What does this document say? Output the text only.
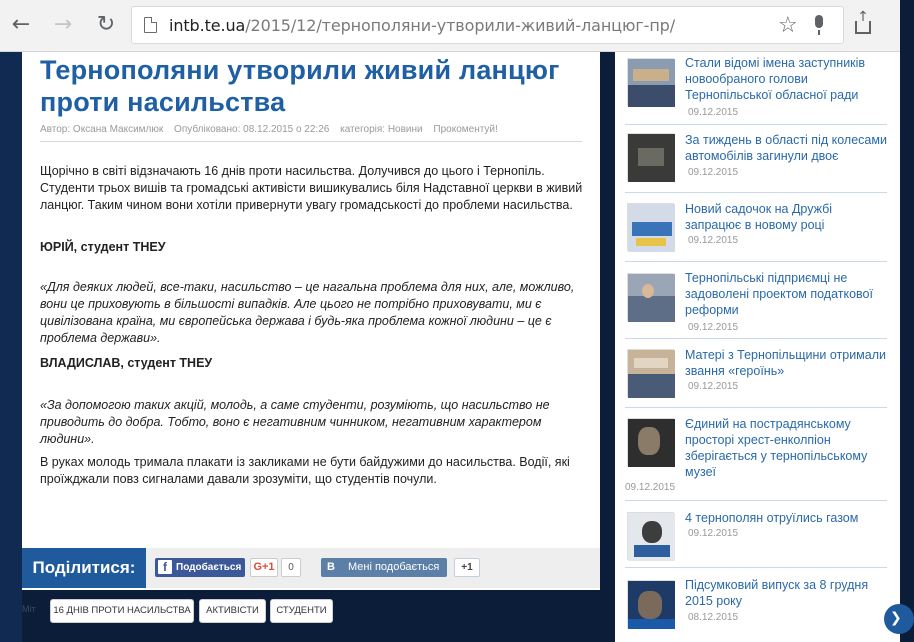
← → ↻	intb.te.ua/2015/12/тернополяни-утворили-живий-ланцюг-пр/	☆	↑
Тернополяни утворили живий ланцюг проти насильства
Автор: Оксана Максимлюк Опубліковано: 08.12.2015 о 22:26 категорія: Новини Прокоментуй!

Щорічно в світі відзначають 16 днів проти насильства. Долучився до цього і Тернопіль. Студенти трьох вишів та громадські активісти вишикувались біля Надставної церкви в живий ланцюг. Таким чином вони хотіли привернути увагу громадськості до проблеми насильства.

ЮРІЙ, студент ТНЕУ

«Для деяких людей, все-таки, насильство – це нагальна проблема для них, але, можливо, вони це приховують в більшості випадків. Але цього не потрібно приховувати, ми є цивілізована країна, ми європейська держава і будь-яка проблема кожної людини – це є проблема держави».

ВЛАДИСЛАВ, студент ТНЕУ

«За допомогою таких акцій, молодь, а саме студенти, розуміють, що насильство не приводить до добра. Тобто, воно є негативним чинником, негативним характером людини».

В руках молодь тримала плакати із закликами не бути байдужими до насильства. Водії, які проїжджали повз сигналами давали зрозуміти, що студентів почули.

Поділитися:	f Подобається	G+1	0	В Мені подобається	+1
Міт	16 ДНІВ ПРОТИ НАСИЛЬСТВА	АКТИВІСТИ	СТУДЕНТИ
Стали відомі імена заступників новообраного голови Тернопільської обласної ради
09.12.2015
За тиждень в області під колесами автомобілів загинули двоє
09.12.2015
Новий садочок на Дружбі запрацює в новому році
09.12.2015
Тернопільські підприємці не задоволені проектом податкової реформи
09.12.2015
Матері з Тернопільщини отримали звання «героїнь»
09.12.2015
Єдиний на пострадянському просторі хрест-енколпіон зберігається у тернопільському музеї
09.12.2015
4 тернополян отруїлись газом
09.12.2015
Підсумковий випуск за 8 грудня 2015 року
08.12.2015	❯
